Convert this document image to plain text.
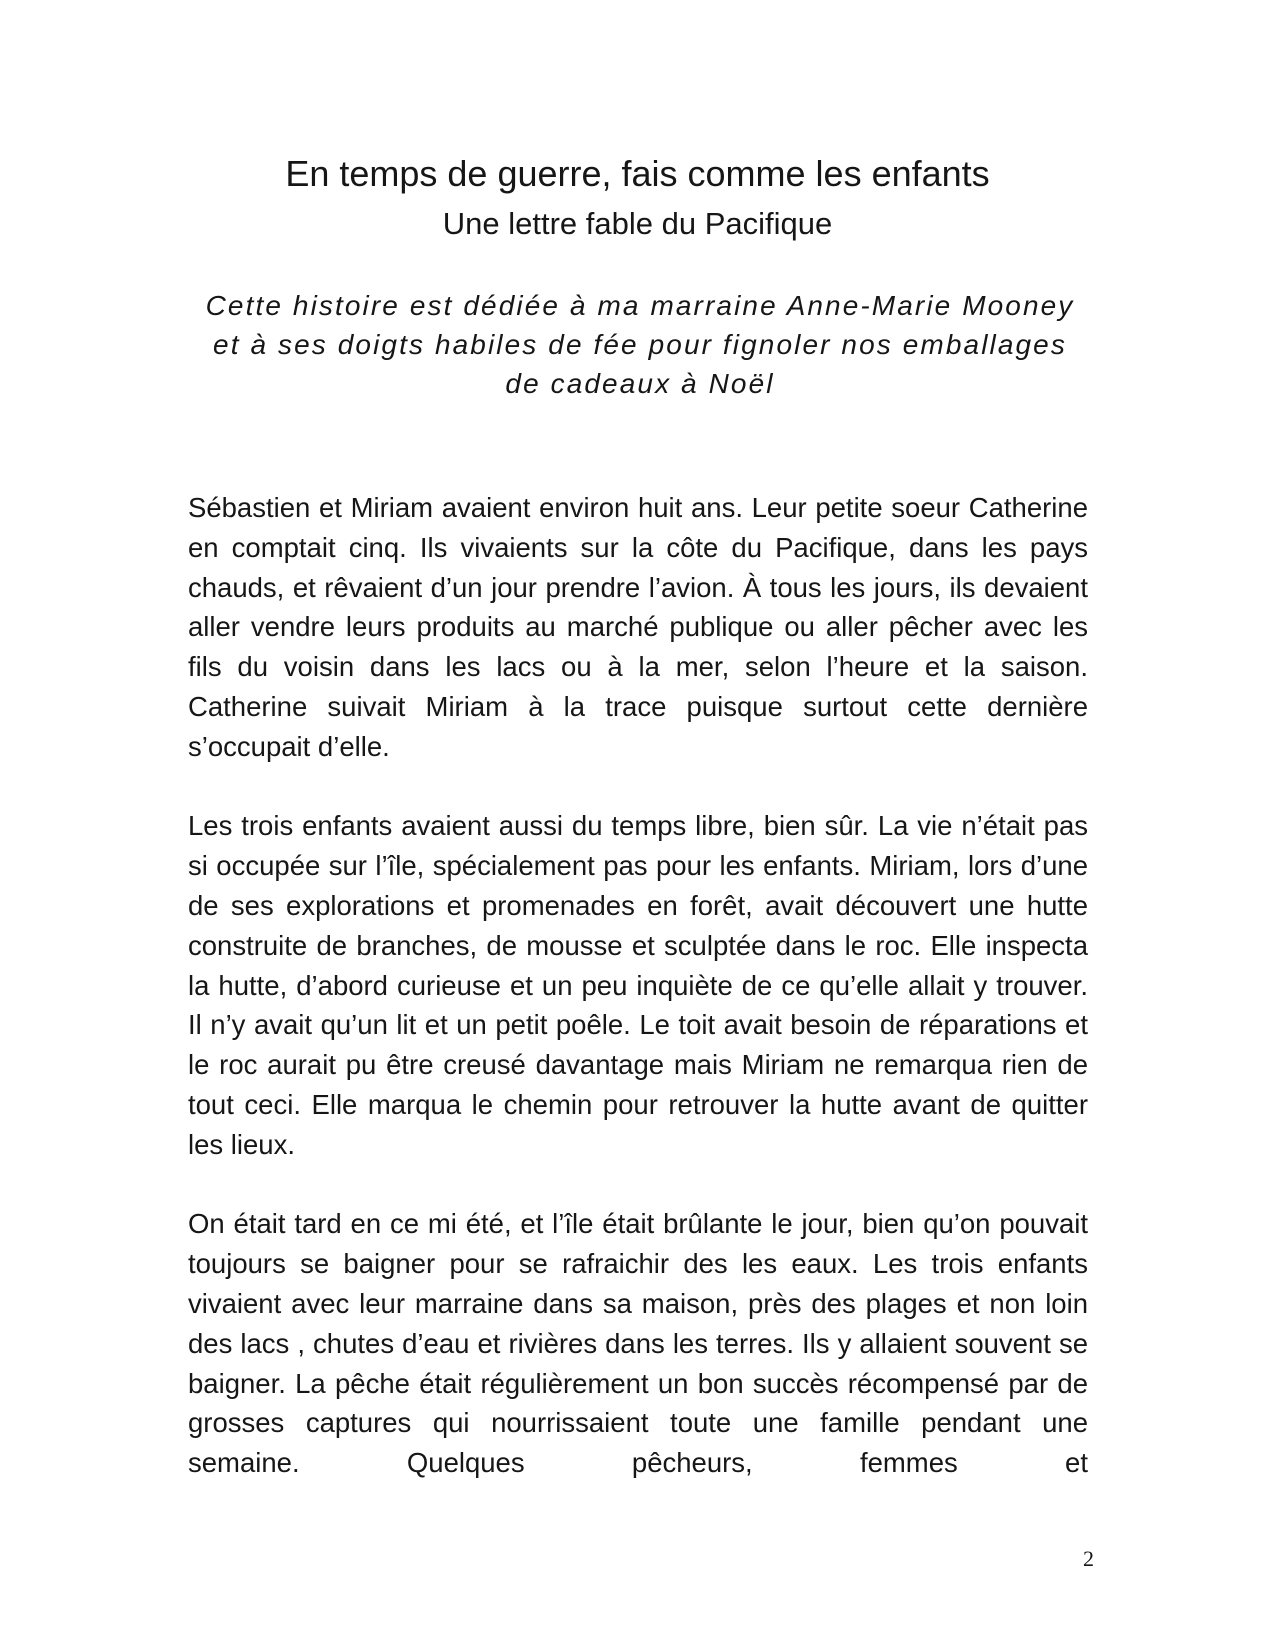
En temps de guerre, fais comme les enfants
Une lettre fable du Pacifique

Cette histoire est dédiée à ma marraine Anne-Marie Mooney et à ses doigts habiles de fée pour fignoler nos emballages de cadeaux à Noël

Sébastien et Miriam avaient environ huit ans. Leur petite soeur Catherine en comptait cinq. Ils vivaients sur la côte du Pacifique, dans les pays chauds, et rêvaient d’un jour prendre l’avion. À tous les jours, ils devaient aller vendre leurs produits au marché publique ou aller pêcher avec les fils du voisin dans les lacs ou à la mer, selon l’heure et la saison. Catherine suivait Miriam à la trace puisque surtout cette dernière s’occupait d’elle.

Les trois enfants avaient aussi du temps libre, bien sûr. La vie n’était pas si occupée sur l’île, spécialement pas pour les enfants. Miriam, lors d’une de ses explorations et promenades en forêt, avait découvert une hutte construite de branches, de mousse et sculptée dans le roc. Elle inspecta la hutte, d’abord curieuse et un peu inquiète de ce qu’elle allait y trouver. Il n’y avait qu’un lit et un petit poêle. Le toit avait besoin de réparations et le roc aurait pu être creusé davantage mais Miriam ne remarqua rien de tout ceci. Elle marqua le chemin pour retrouver la hutte avant de quitter les lieux.

On était tard en ce mi été, et l’île était brûlante le jour, bien qu’on pouvait toujours se baigner pour se rafraichir des les eaux. Les trois enfants vivaient avec leur marraine dans sa maison, près des plages et non loin des lacs , chutes d’eau et rivières dans les terres. Ils y allaient souvent se baigner. La pêche était régulièrement un bon succès récompensé par de grosses captures qui nourrissaient toute une famille pendant une semaine. Quelques pêcheurs, femmes et

2
